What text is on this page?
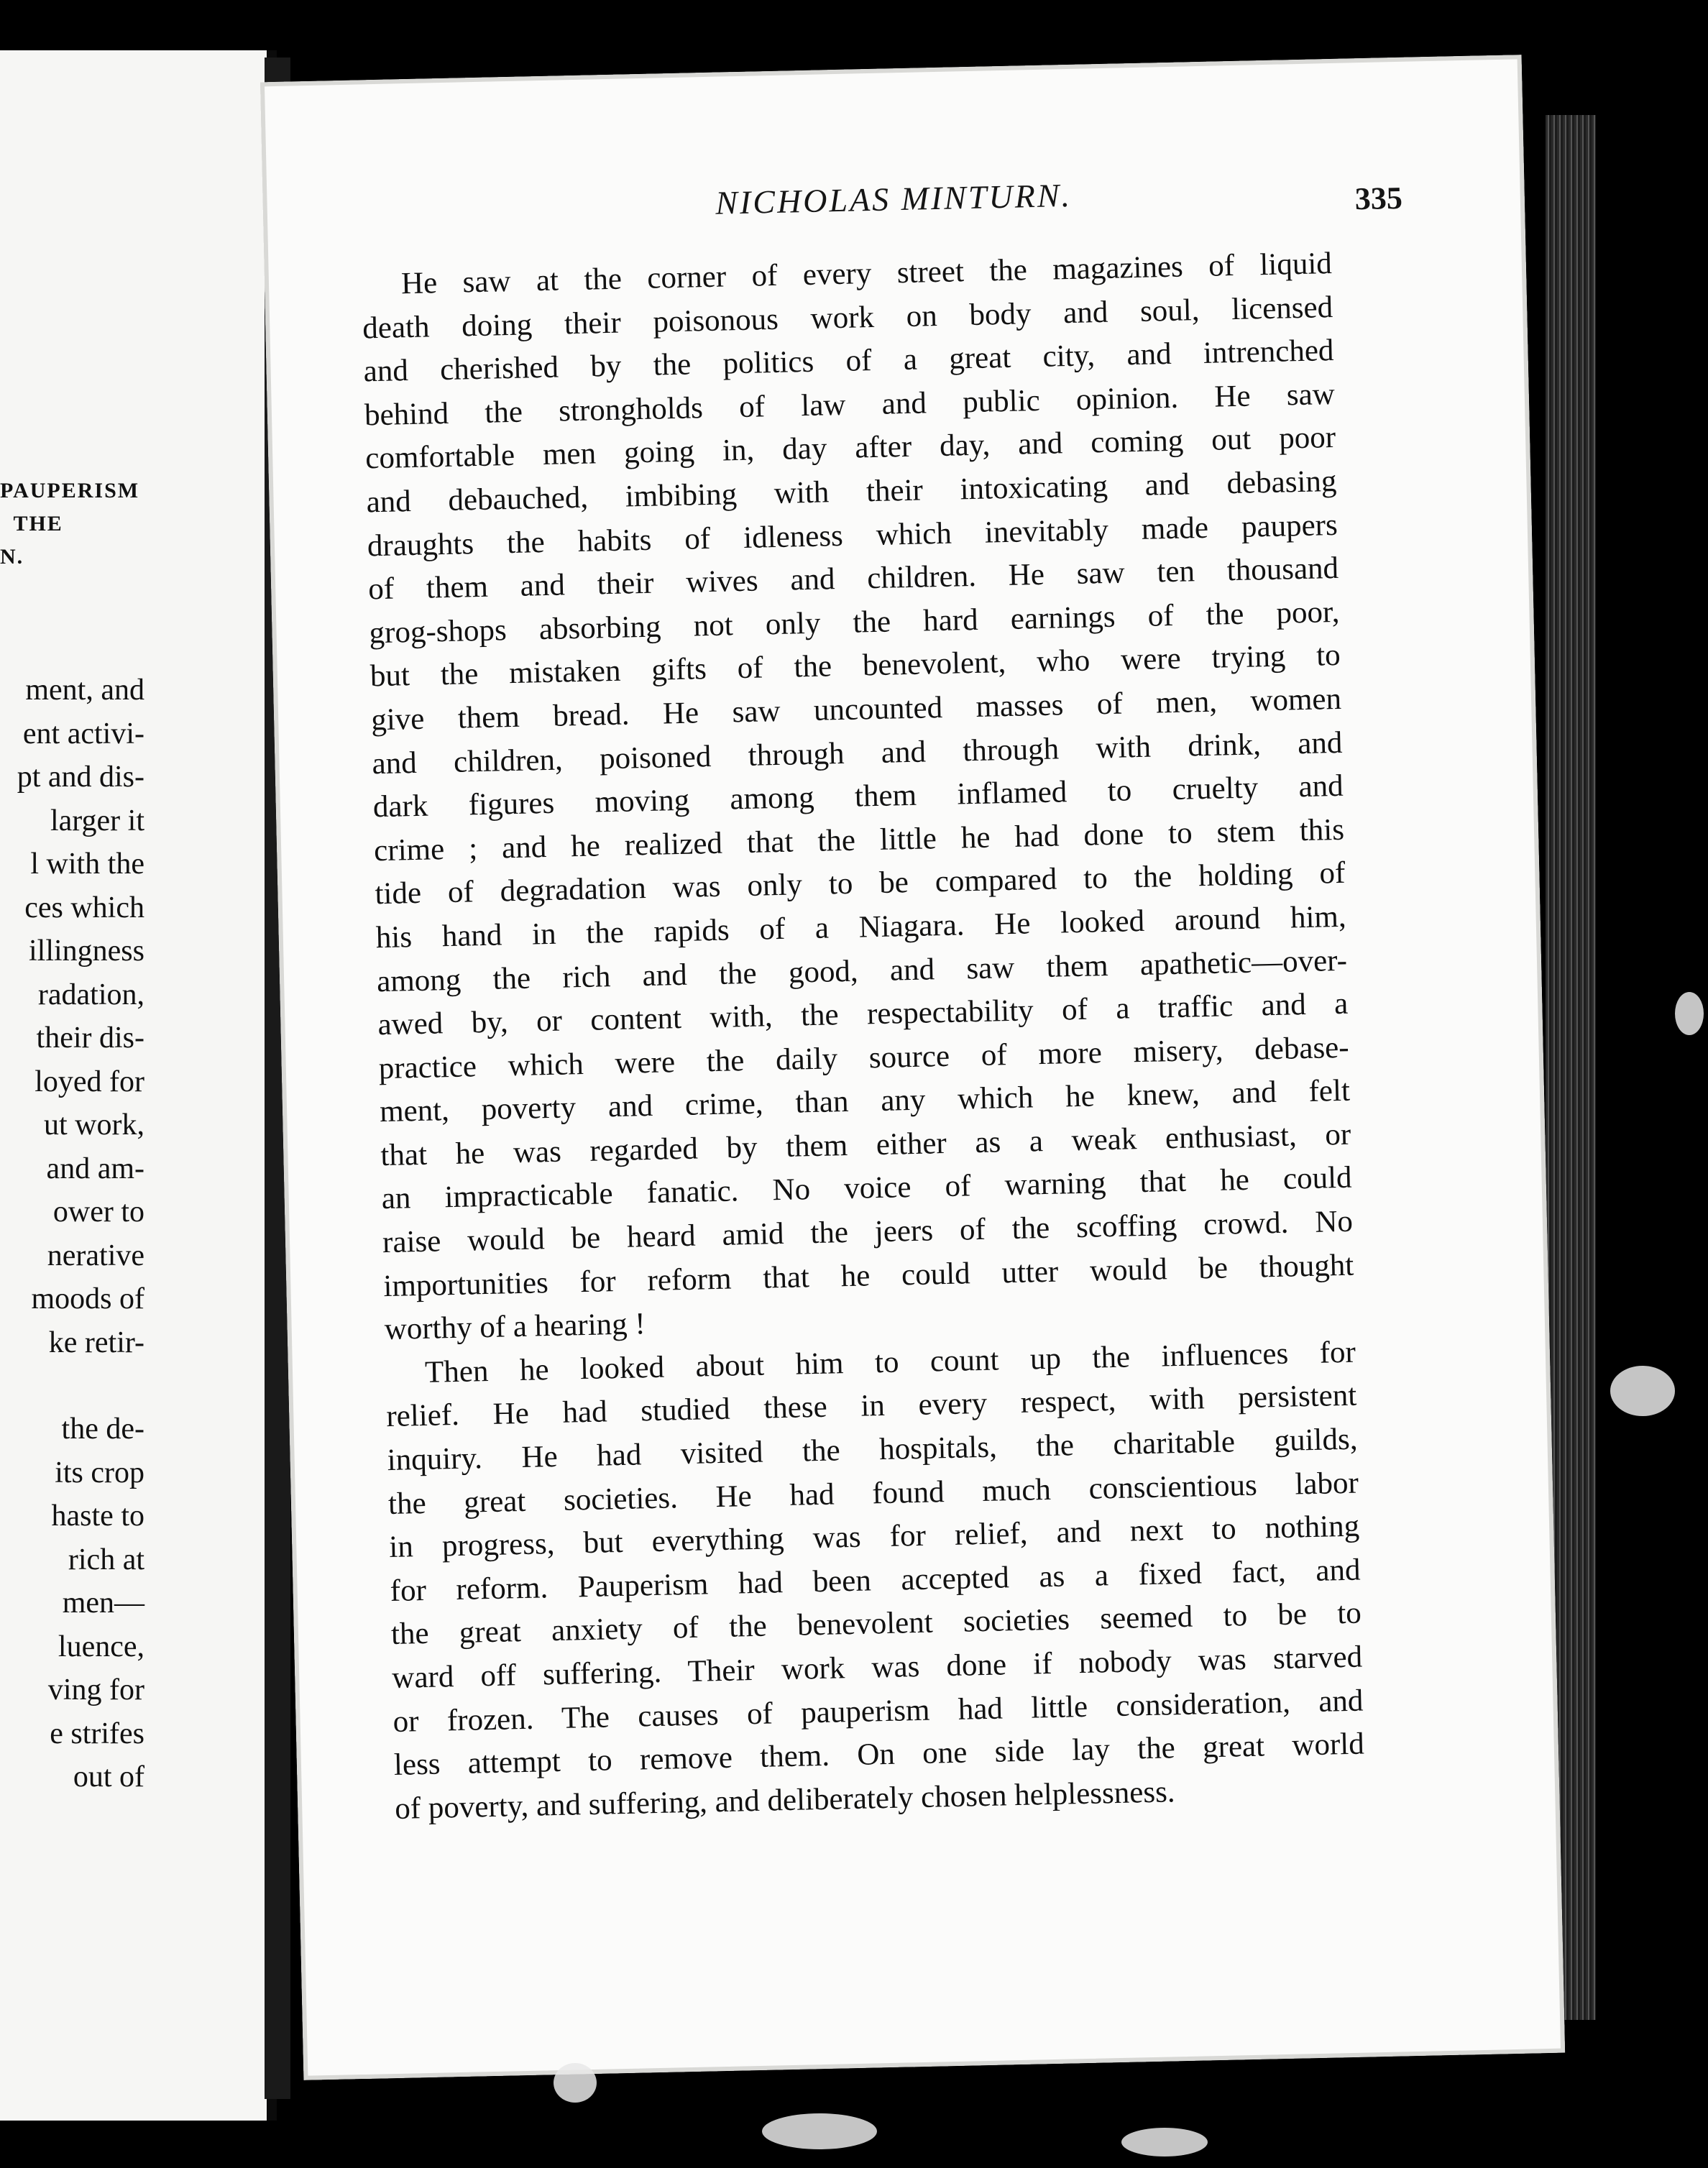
PAUPERISM
THE
N.
ment, and
ent activi-
pt and dis-
larger it
l with the
ces which
illingness
radation,
their dis-
loyed for
ut work,
and am-
ower to
nerative
moods of
ke retir-
the de-
its crop
haste to
rich at
men—
luence,
ving for
e strifes
out of
NICHOLAS MINTURN.	335
He saw at the corner of every street the magazines of liquid
death doing their poisonous work on body and soul, licensed
and cherished by the politics of a great city, and intrenched
behind the strongholds of law and public opinion. He saw
comfortable men going in, day after day, and coming out poor
and debauched, imbibing with their intoxicating and debasing
draughts the habits of idleness which inevitably made paupers
of them and their wives and children. He saw ten thousand
grog-shops absorbing not only the hard earnings of the poor,
but the mistaken gifts of the benevolent, who were trying to
give them bread. He saw uncounted masses of men, women
and children, poisoned through and through with drink, and
dark figures moving among them inflamed to cruelty and
crime ; and he realized that the little he had done to stem this
tide of degradation was only to be compared to the holding of
his hand in the rapids of a Niagara. He looked around him,
among the rich and the good, and saw them apathetic—over-
awed by, or content with, the respectability of a traffic and a
practice which were the daily source of more misery, debase-
ment, poverty and crime, than any which he knew, and felt
that he was regarded by them either as a weak enthusiast, or
an impracticable fanatic. No voice of warning that he could
raise would be heard amid the jeers of the scoffing crowd. No
importunities for reform that he could utter would be thought
worthy of a hearing !
Then he looked about him to count up the influences for
relief. He had studied these in every respect, with persistent
inquiry. He had visited the hospitals, the charitable guilds,
the great societies. He had found much conscientious labor
in progress, but everything was for relief, and next to nothing
for reform. Pauperism had been accepted as a fixed fact, and
the great anxiety of the benevolent societies seemed to be to
ward off suffering. Their work was done if nobody was starved
or frozen. The causes of pauperism had little consideration, and
less attempt to remove them. On one side lay the great world
of poverty, and suffering, and deliberately chosen helplessness.
